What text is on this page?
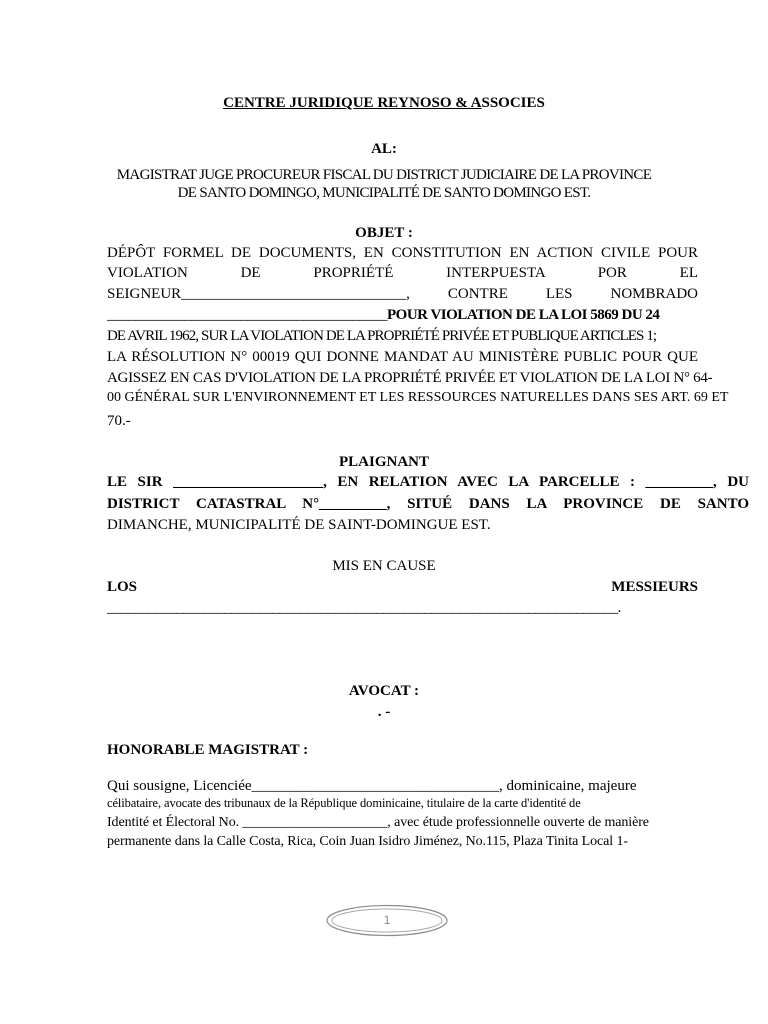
CENTRE JURIDIQUE REYNOSO & ASSOCIES
AL:
MAGISTRAT JUGE PROCUREUR FISCAL DU DISTRICT JUDICIAIRE DE LA PROVINCE
DE SANTO DOMINGO, MUNICIPALITÉ DE SANTO DOMINGO EST.
OBJET :
DÉPÔT FORMEL DE DOCUMENTS, EN CONSTITUTION EN ACTION CIVILE POUR
VIOLATION DE PROPRIÉTÉ INTERPUESTA POR EL
SEIGNEUR______________________________, CONTRE LES NOMBRADO
________________________________________POUR VIOLATION DE LA LOI 5869 DU 24
DE AVRIL 1962, SUR LA VIOLATION DE LA PROPRIÉTÉ PRIVÉE ET PUBLIQUE ARTICLES 1;
LA RÉSOLUTION N° 00019 QUI DONNE MANDAT AU MINISTÈRE PUBLIC POUR QUE
AGISSEZ EN CAS D'VIOLATION DE LA PROPRIÉTÉ PRIVÉE ET VIOLATION DE LA LOI N° 64-
00 GÉNÉRAL SUR L'ENVIRONNEMENT ET LES RESSOURCES NATURELLES DANS SES ART. 69 ET
70.-
PLAIGNANT
LE SIR ____________________, EN RELATION AVEC LA PARCELLE : _________, DU
DISTRICT CATASTRAL N°_________, SITUÉ DANS LA PROVINCE DE SANTO
DIMANCHE, MUNICIPALITÉ DE SAINT-DOMINGUE EST.
MIS EN CAUSE
LOS MESSIEURS
__________________________________________________________________________.
AVOCAT :
. -
HONORABLE MAGISTRAT :
Qui sousigne, Licenciée_________________________________, dominicaine, majeure
célibataire, avocate des tribunaux de la République dominicaine, titulaire de la carte d'identité de
Identité et Électoral No. _____________________, avec étude professionnelle ouverte de manière
permanente dans la Calle Costa, Rica, Coin Juan Isidro Jiménez, No.115, Plaza Tinita Local 1-
1
